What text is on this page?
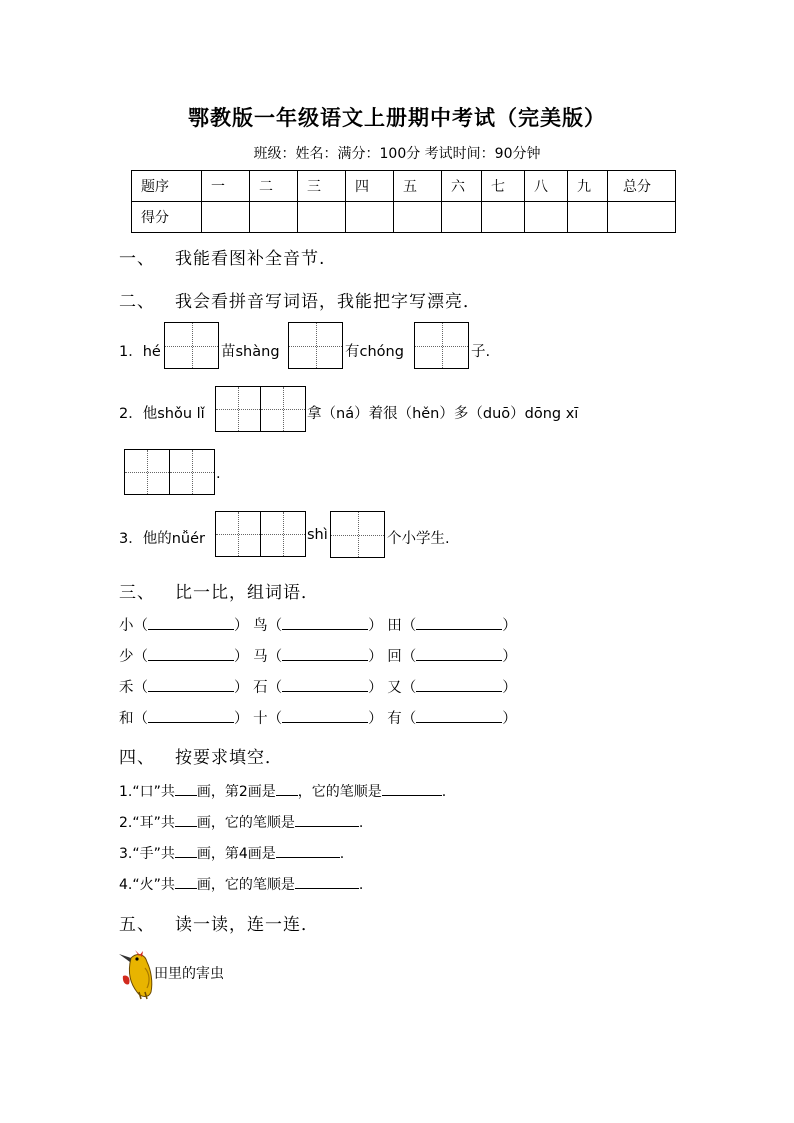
鄂教版一年级语文上册期中考试（完美版）
班级：姓名：满分：100分 考试时间：90分钟
题序	一	二	三	四	五	六	七	八	九	总分
得分										
一、 我能看图补全音节.
二、 我会看拼音写词语，我能把字写漂亮．
1．hé	苗shàng	有chóng	子.
2．他shǒu lǐ	拿（ná）着很（hěn）多（duō）dōng xī
.
3．他的nǚér	shì	个小学生.
三、 比一比，组词语．
小（	） 鸟（	） 田（	）
少（	） 马（	） 回（	）
禾（	） 石（	） 又（	）
和（	） 十（	） 有（	）
四、 按要求填空．
1.“口”共 画，第2画是 ，它的笔顺是	.
2.“耳”共 画，它的笔顺是	.
3.“手”共 画，第4画是	.
4.“火”共 画，它的笔顺是	.
五、 读一读，连一连．
田里的害虫
